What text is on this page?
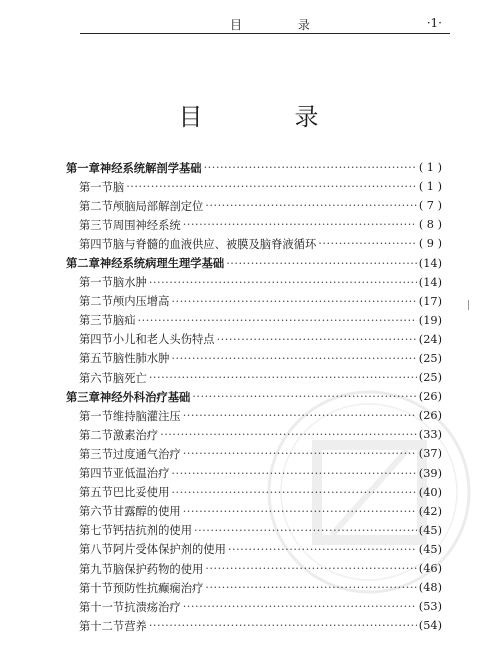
目 录	·1·
目　录
第一章 神经系统解剖学基础 ·····	( 1 )
第一节 脑 ·····	( 1 )
第二节 颅脑局部解剖定位 ·····	( 7 )
第三节 周围神经系统 ·····	( 8 )
第四节 脑与脊髓的血液供应、被膜及脑脊液循环 ·····	( 9 )
第二章 神经系统病理生理学基础 ·····	(14)
第一节 脑水肿 ·····	(14)
第二节 颅内压增高 ·····	(17)
第三节 脑疝 ·····	(19)
第四节 小儿和老人头伤特点 ·····	(24)
第五节 脑性肺水肿 ·····	(25)
第六节 脑死亡 ·····	(25)
第三章 神经外科治疗基础 ·····	(26)
第一节 维持脑灌注压 ·····	(26)
第二节 激素治疗 ·····	(33)
第三节 过度通气治疗 ·····	(37)
第四节 亚低温治疗 ·····	(39)
第五节 巴比妥使用 ·····	(40)
第六节 甘露醇的使用 ·····	(42)
第七节 钙拮抗剂的使用 ·····	(45)
第八节 阿片受体保护剂的使用 ·····	(45)
第九节 脑保护药物的使用 ·····	(46)
第十节 预防性抗癫痫治疗 ·····	(48)
第十一节 抗溃疡治疗 ·····	(53)
第十二节 营养 ·····	(54)
